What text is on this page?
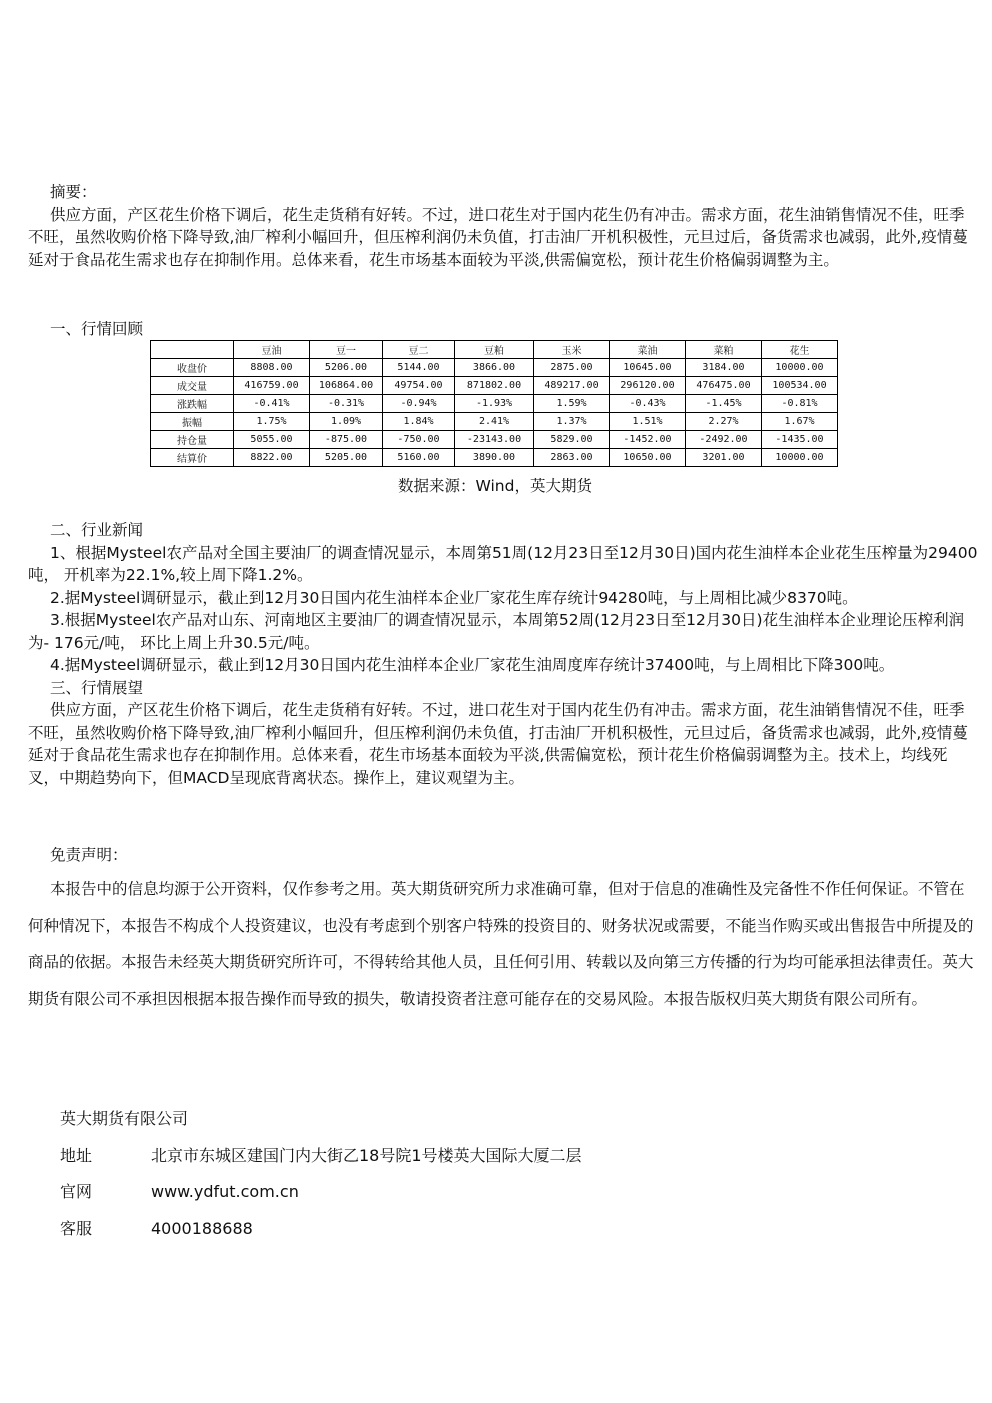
摘要：

供应方面，产区花生价格下调后，花生走货稍有好转。不过，进口花生对于国内花生仍有冲击。需求方面，花生油销售情况不佳，旺季不旺，虽然收购价格下降导致,油厂榨利小幅回升，但压榨利润仍未负值，打击油厂开机积极性，元旦过后，备货需求也减弱，此外,疫情蔓延对于食品花生需求也存在抑制作用。总体来看，花生市场基本面较为平淡,供需偏宽松，预计花生价格偏弱调整为主。

一、行情回顾

	豆油	豆一	豆二	豆粕	玉米	菜油	菜粕	花生
收盘价	8808.00	5206.00	5144.00	3866.00	2875.00	10645.00	3184.00	10000.00
成交量	416759.00	106864.00	49754.00	871802.00	489217.00	296120.00	476475.00	100534.00
涨跌幅	-0.41%	-0.31%	-0.94%	-1.93%	1.59%	-0.43%	-1.45%	-0.81%
振幅	1.75%	1.09%	1.84%	2.41%	1.37%	1.51%	2.27%	1.67%
持仓量	5055.00	-875.00	-750.00	-23143.00	5829.00	-1452.00	-2492.00	-1435.00
结算价	8822.00	5205.00	5160.00	3890.00	2863.00	10650.00	3201.00	10000.00
数据来源：Wind，英大期货

二、行业新闻

1、根据Mysteel农产品对全国主要油厂的调查情况显示，本周第51周(12月23日至12月30日)国内花生油样本企业花生压榨量为29400吨， 开机率为22.1%,较上周下降1.2%。

2.据Mysteel调研显示，截止到12月30日国内花生油样本企业厂家花生库存统计94280吨，与上周相比减少8370吨。

3.根据Mysteel农产品对山东、河南地区主要油厂的调查情况显示，本周第52周(12月23日至12月30日)花生油样本企业理论压榨利润为- 176元/吨， 环比上周上升30.5元/吨。

4.据Mysteel调研显示，截止到12月30日国内花生油样本企业厂家花生油周度库存统计37400吨，与上周相比下降300吨。

三、行情展望

供应方面，产区花生价格下调后，花生走货稍有好转。不过，进口花生对于国内花生仍有冲击。需求方面，花生油销售情况不佳，旺季不旺，虽然收购价格下降导致,油厂榨利小幅回升，但压榨利润仍未负值，打击油厂开机积极性，元旦过后，备货需求也减弱，此外,疫情蔓延对于食品花生需求也存在抑制作用。总体来看，花生市场基本面较为平淡,供需偏宽松，预计花生价格偏弱调整为主。技术上，均线死叉，中期趋势向下，但MACD呈现底背离状态。操作上，建议观望为主。

免责声明：

本报告中的信息均源于公开资料，仅作参考之用。英大期货研究所力求准确可靠，但对于信息的准确性及完备性不作任何保证。不管在何种情况下，本报告不构成个人投资建议，也没有考虑到个别客户特殊的投资目的、财务状况或需要，不能当作购买或出售报告中所提及的商品的依据。本报告未经英大期货研究所许可，不得转给其他人员，且任何引用、转载以及向第三方传播的行为均可能承担法律责任。英大期货有限公司不承担因根据本报告操作而导致的损失，敬请投资者注意可能存在的交易风险。本报告版权归英大期货有限公司所有。

英大期货有限公司
地址	北京市东城区建国门内大街乙18号院1号楼英大国际大厦二层
官网	www.ydfut.com.cn
客服	4000188688
